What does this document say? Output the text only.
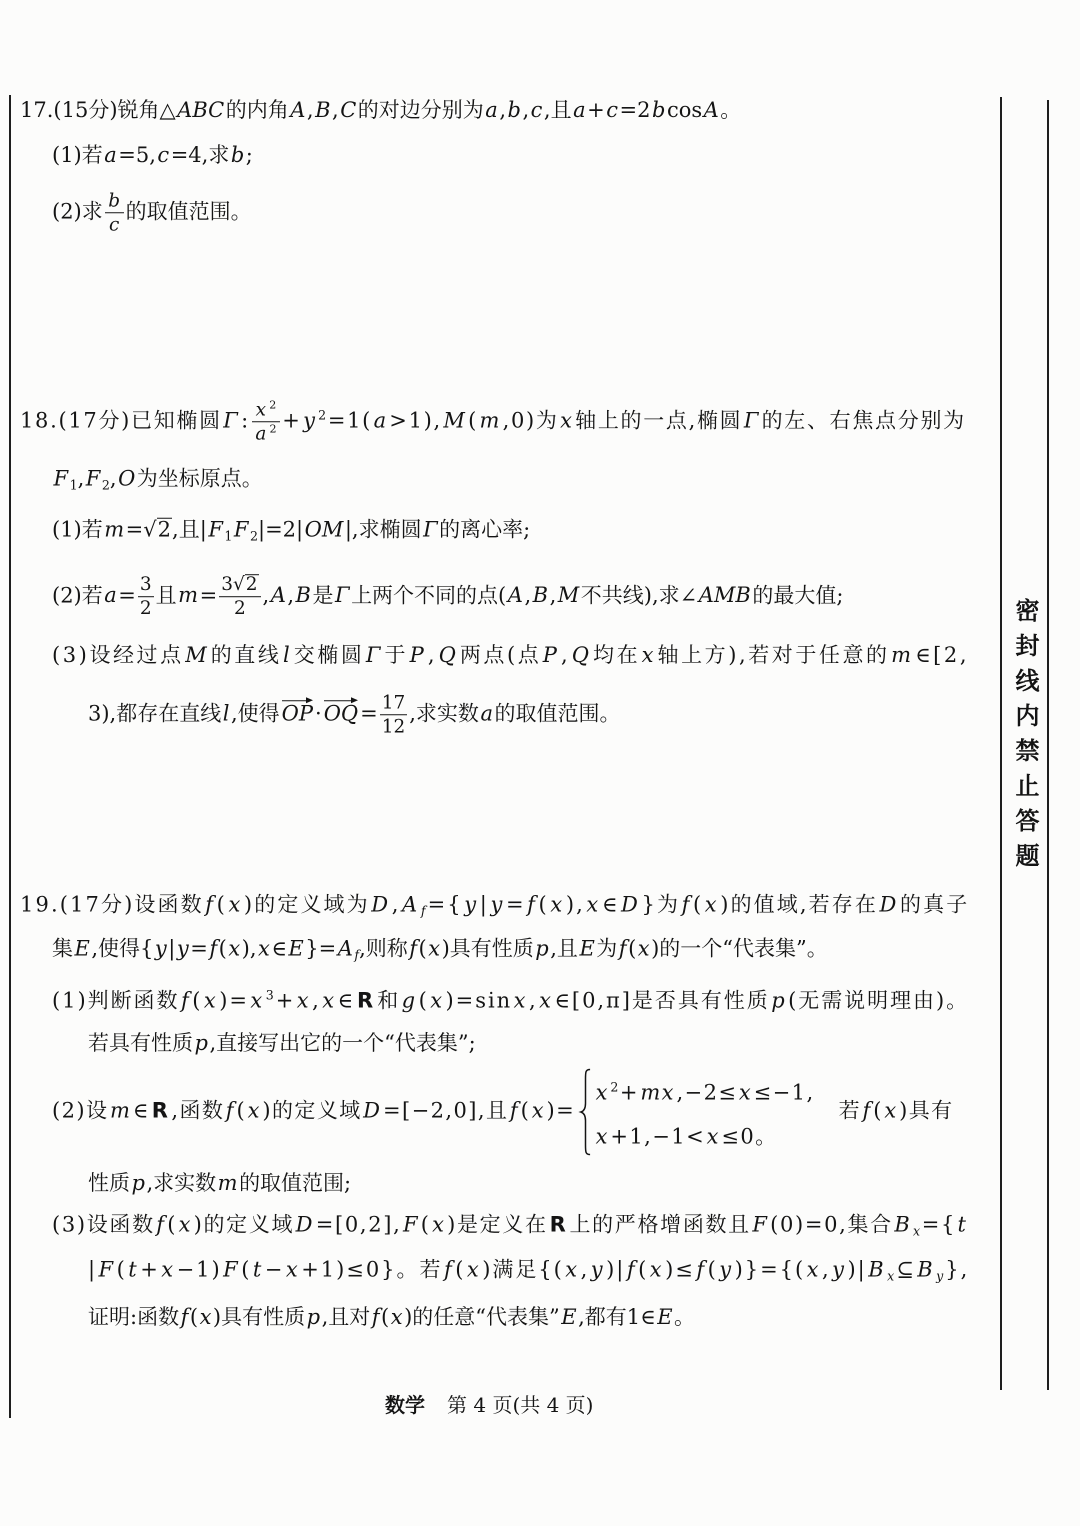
密封线内禁止答题
17.(15分)锐角△ABC的内角A,B,C的对边分别为a,b,c,且a+c=2bcosA。
(1)若a=5,c=4,求b;
(2)求 $\frac{b}{c}$ 的取值范围。
18.(17分)已知椭圆Γ: $\frac{x ^2}{a ^2} +y$ $^2$=1(a>1),M(m,0)为x轴上的一点,椭圆Γ的左、右焦点分别为
F $_1$,F $_2$,O为坐标原点。
(1)若m= √ 2,且|F $_1$F $_2$|=2|OM|,求椭圆Γ的离心率;
(2)若$a= \frac{3}{2}$ 且$m= \frac{3 √ 2}{2} ,A,B$是Γ上两个不同的点(A,B,M不共线),求∠AMB的最大值;
(3)设经过点M的直线l交椭圆Γ于P,Q两点(点P,Q均在x轴上方),若对于任意的m∈[2,
3),都存在直线l,使得OP
·OQ
= $\frac{17}{12}$ ,求实数a的取值范围。
19.(17分)设函数f(x)的定义域为D,A f={y|y=f(x),x∈D}为f(x)的值域,若存在D的真子
集E,使得{y|y=f(x),x∈E}=A f,则称f(x)具有性质p,且E为f(x)的一个“代表集”。
(1)判断函数f(x)=x $^3$+x,x∈R和g(x)=sinx,x∈[0,π]是否具有性质p(无需说明理由)。
若具有性质p,直接写出它的一个“代表集”;
(2)设m∈R,函数f(x)的定义域D=[−2,0],且f(x)=
x $^2$+mx,−2≤x≤−1,
x+1,−1<x≤0。
若f(x)具有
性质p,求实数m的取值范围;
(3)设函数f(x)的定义域D=[0,2],F(x)是定义在R上的严格增函数且F(0)=0,集合B x={t
|F(t+x−1)F(t−x+1)≤0}。若f(x)满足{(x,y)|f(x)≤f(y)}={(x,y)|B x⊆B y},
证明:函数f(x)具有性质p,且对f(x)的任意“代表集”E,都有1∈E。
数学 第 4 页(共 4 页)
